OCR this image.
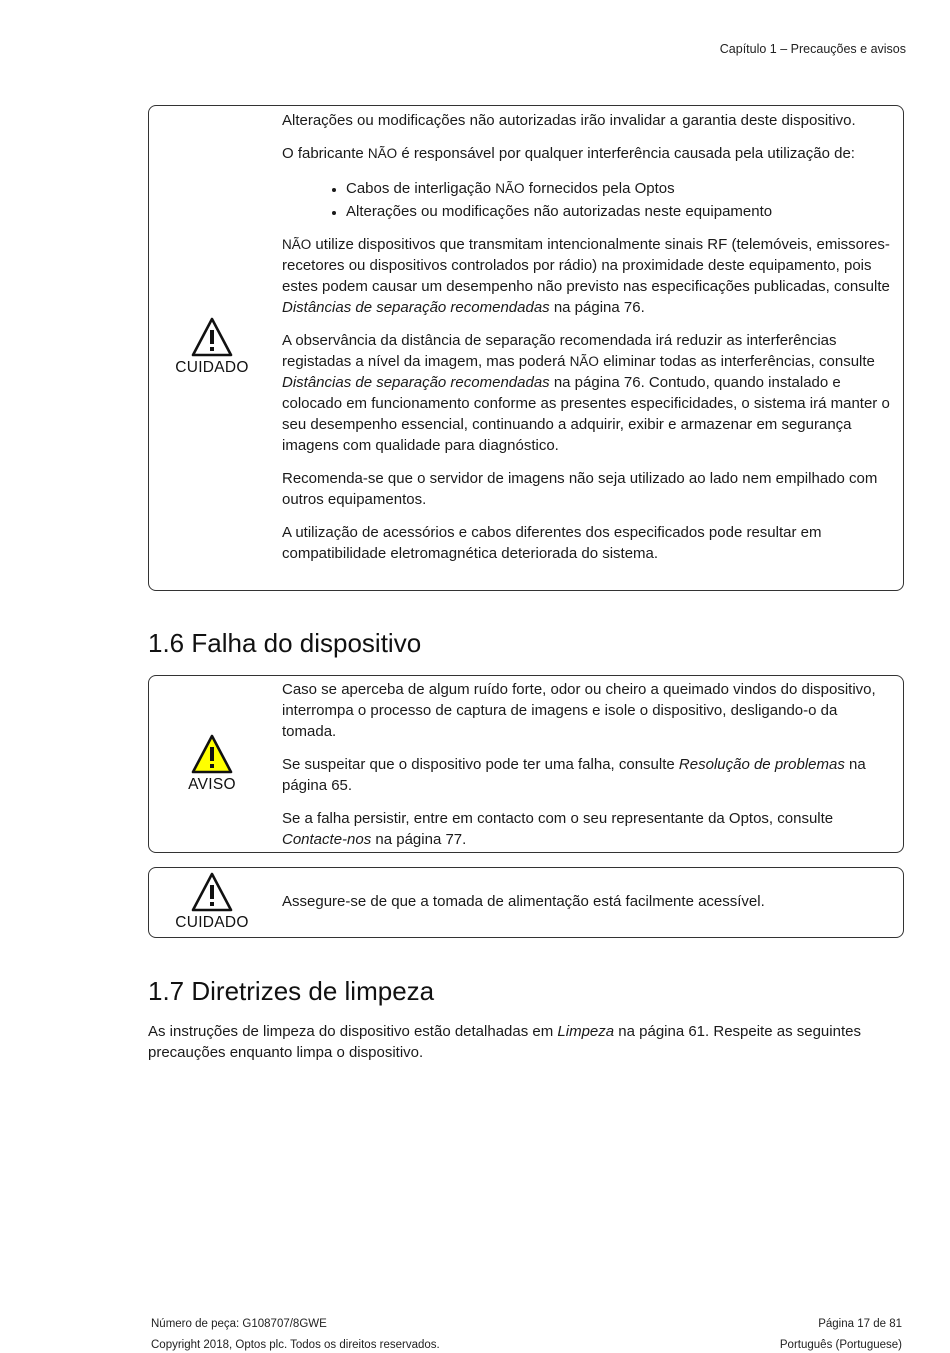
Capítulo 1 – Precauções e avisos
CUIDADO

Alterações ou modificações não autorizadas irão invalidar a garantia deste dispositivo.

O fabricante NÃO é responsável por qualquer interferência causada pela utilização de:

• Cabos de interligação NÃO fornecidos pela Optos
• Alterações ou modificações não autorizadas neste equipamento

NÃO utilize dispositivos que transmitam intencionalmente sinais RF (telemóveis, emissores-recetores ou dispositivos controlados por rádio) na proximidade deste equipamento, pois estes podem causar um desempenho não previsto nas especificações publicadas, consulte Distâncias de separação recomendadas na página 76.

A observância da distância de separação recomendada irá reduzir as interferências registadas a nível da imagem, mas poderá NÃO eliminar todas as interferências, consulte Distâncias de separação recomendadas na página 76. Contudo, quando instalado e colocado em funcionamento conforme as presentes especificidades, o sistema irá manter o seu desempenho essencial, continuando a adquirir, exibir e armazenar em segurança imagens com qualidade para diagnóstico.

Recomenda-se que o servidor de imagens não seja utilizado ao lado nem empilhado com outros equipamentos.

A utilização de acessórios e cabos diferentes dos especificados pode resultar em compatibilidade eletromagnética deteriorada do sistema.

1.6 Falha do dispositivo
AVISO

Caso se aperceba de algum ruído forte, odor ou cheiro a queimado vindos do dispositivo, interrompa o processo de captura de imagens e isole o dispositivo, desligando-o da tomada.

Se suspeitar que o dispositivo pode ter uma falha, consulte Resolução de problemas na página 65.

Se a falha persistir, entre em contacto com o seu representante da Optos, consulte Contacte-nos na página 77.

CUIDADO

Assegure-se de que a tomada de alimentação está facilmente acessível.

1.7 Diretrizes de limpeza
As instruções de limpeza do dispositivo estão detalhadas em Limpeza na página 61. Respeite as seguintes precauções enquanto limpa o dispositivo.
Número de peça: G108707/8GWE
Copyright 2018, Optos plc. Todos os direitos reservados.
Página 17 de 81
Português (Portuguese)
